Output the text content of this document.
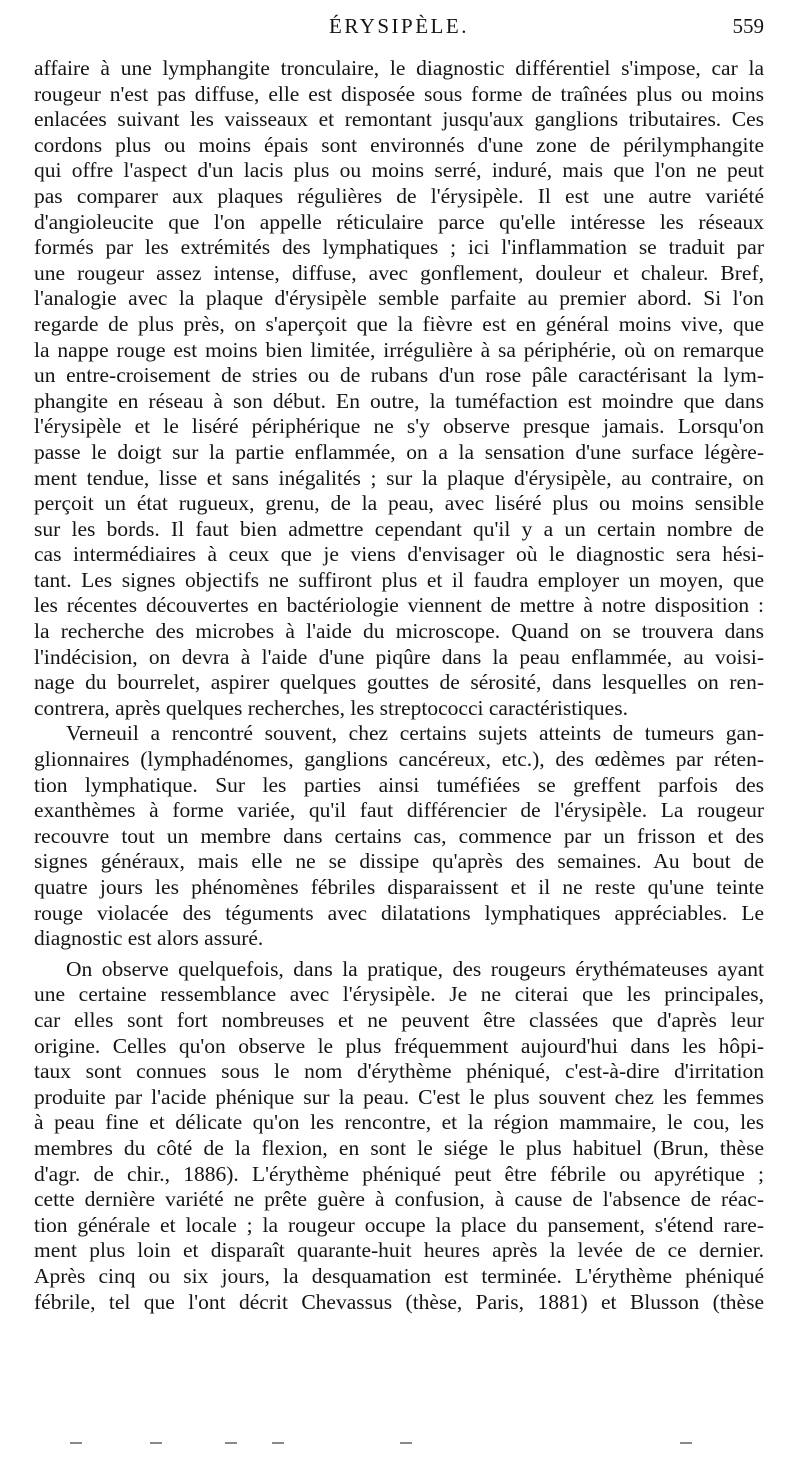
ÉRYSIPÈLE.	559
affaire à une lymphangite tronculaire, le diagnostic différentiel s'impose, car la
rougeur n'est pas diffuse, elle est disposée sous forme de traînées plus ou moins
enlacées suivant les vaisseaux et remontant jusqu'aux ganglions tributaires. Ces
cordons plus ou moins épais sont environnés d'une zone de périlymphangite
qui offre l'aspect d'un lacis plus ou moins serré, induré, mais que l'on ne peut
pas comparer aux plaques régulières de l'érysipèle. Il est une autre variété
d'angioleucite que l'on appelle réticulaire parce qu'elle intéresse les réseaux
formés par les extrémités des lymphatiques ; ici l'inflammation se traduit par
une rougeur assez intense, diffuse, avec gonflement, douleur et chaleur. Bref,
l'analogie avec la plaque d'érysipèle semble parfaite au premier abord. Si l'on
regarde de plus près, on s'aperçoit que la fièvre est en général moins vive, que
la nappe rouge est moins bien limitée, irrégulière à sa périphérie, où on remarque
un entre-croisement de stries ou de rubans d'un rose pâle caractérisant la lym-
phangite en réseau à son début. En outre, la tuméfaction est moindre que dans
l'érysipèle et le liséré périphérique ne s'y observe presque jamais. Lorsqu'on
passe le doigt sur la partie enflammée, on a la sensation d'une surface légère-
ment tendue, lisse et sans inégalités ; sur la plaque d'érysipèle, au contraire, on
perçoit un état rugueux, grenu, de la peau, avec liséré plus ou moins sensible
sur les bords. Il faut bien admettre cependant qu'il y a un certain nombre de
cas intermédiaires à ceux que je viens d'envisager où le diagnostic sera hési-
tant. Les signes objectifs ne suffiront plus et il faudra employer un moyen, que
les récentes découvertes en bactériologie viennent de mettre à notre disposition :
la recherche des microbes à l'aide du microscope. Quand on se trouvera dans
l'indécision, on devra à l'aide d'une piqûre dans la peau enflammée, au voisi-
nage du bourrelet, aspirer quelques gouttes de sérosité, dans lesquelles on ren-
contrera, après quelques recherches, les streptococci caractéristiques.
Verneuil a rencontré souvent, chez certains sujets atteints de tumeurs gan-
glionnaires (lymphadénomes, ganglions cancéreux, etc.), des œdèmes par réten-
tion lymphatique. Sur les parties ainsi tuméfiées se greffent parfois des
exanthèmes à forme variée, qu'il faut différencier de l'érysipèle. La rougeur
recouvre tout un membre dans certains cas, commence par un frisson et des
signes généraux, mais elle ne se dissipe qu'après des semaines. Au bout de
quatre jours les phénomènes fébriles disparaissent et il ne reste qu'une teinte
rouge violacée des téguments avec dilatations lymphatiques appréciables. Le
diagnostic est alors assuré.
On observe quelquefois, dans la pratique, des rougeurs érythémateuses ayant
une certaine ressemblance avec l'érysipèle. Je ne citerai que les principales,
car elles sont fort nombreuses et ne peuvent être classées que d'après leur
origine. Celles qu'on observe le plus fréquemment aujourd'hui dans les hôpi-
taux sont connues sous le nom d'érythème phéniqué, c'est-à-dire d'irritation
produite par l'acide phénique sur la peau. C'est le plus souvent chez les femmes
à peau fine et délicate qu'on les rencontre, et la région mammaire, le cou, les
membres du côté de la flexion, en sont le siége le plus habituel (Brun, thèse
d'agr. de chir., 1886). L'érythème phéniqué peut être fébrile ou apyrétique ;
cette dernière variété ne prête guère à confusion, à cause de l'absence de réac-
tion générale et locale ; la rougeur occupe la place du pansement, s'étend rare-
ment plus loin et disparaît quarante-huit heures après la levée de ce dernier.
Après cinq ou six jours, la desquamation est terminée. L'érythème phéniqué
fébrile, tel que l'ont décrit Chevassus (thèse, Paris, 1881) et Blusson (thèse
